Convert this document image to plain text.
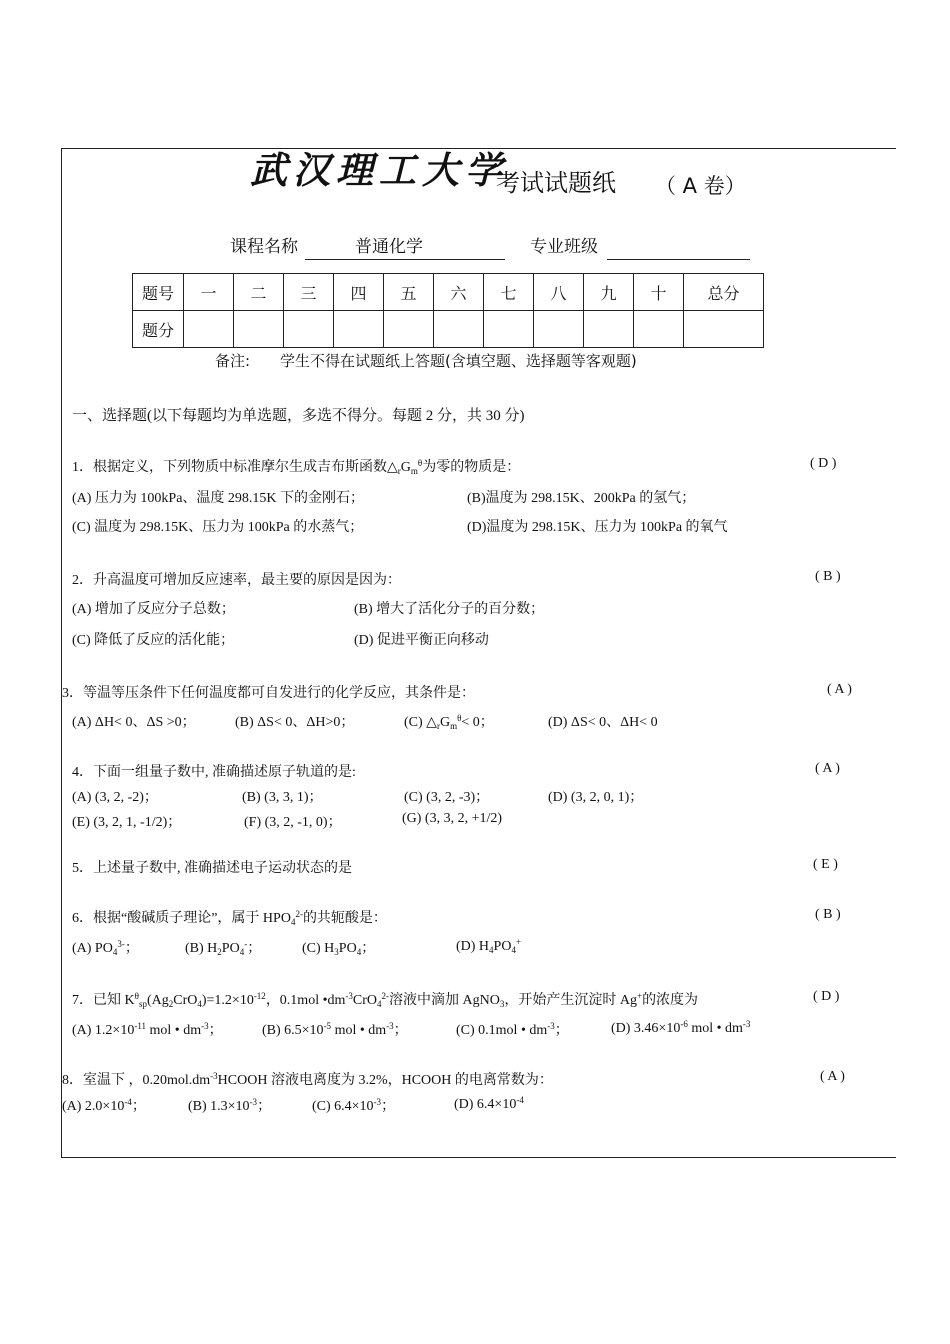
武汉理工大学
考试试题纸 （ A 卷）
课程名称	普通化学	专业班级
题号	一	二	三	四	五	六	七	八	九	十	总分
题分											
备注: 学生不得在试题纸上答题(含填空题、选择题等客观题)
一、选择题(以下每题均为单选题，多选不得分。每题 2 分，共 30 分)
1．根据定义，下列物质中标准摩尔生成吉布斯函数$\triangle_rG_m^\theta$为零的物质是：	( D )
(A) 压力为 100kPa、温度 298.15K 下的金刚石；	(B)温度为 298.15K、200kPa 的氢气；
(C) 温度为 298.15K、压力为 100kPa 的水蒸气；	(D)温度为 298.15K、压力为 100kPa 的氧气
2．升高温度可增加反应速率，最主要的原因是因为：	( B )
(A) 增加了反应分子总数；	(B) 增大了活化分子的百分数；
(C) 降低了反应的活化能；	(D) 促进平衡正向移动
3．等温等压条件下任何温度都可自发进行的化学反应，其条件是：	( A )
(A) ΔH< 0、ΔS >0；	(B) ΔS< 0、ΔH>0；	(C) $\triangle_rG_m^\theta< 0$；	(D) ΔS< 0、ΔH< 0
4．下面一组量子数中, 准确描述原子轨道的是:	( A )
(A) (3, 2, -2)；	(B) (3, 3, 1)；	(C) (3, 2, -3)；	(D) (3, 2, 0, 1)；
(E) (3, 2, 1, -1/2)；	(F) (3, 2, -1, 0)；	(G) (3, 3, 2, +1/2)
5．上述量子数中, 准确描述电子运动状态的是	( E )
6．根据“酸碱质子理论”，属于 $HPO_4^{2-}$的共轭酸是：	( B )
(A) $PO_4^{3-}$；	(B) $H_2PO_4^-$；	(C) $H_3PO_4$；	(D) $H_4PO_4^+$
7．已知 $K^\theta_{sp}(Ag_2CrO_4)=1.2\times 10^{-12}$，0.1mol $•dm^{-3}CrO_4^{2-}$溶液中滴加 AgNO$_3$，开始产生沉淀时 Ag+的浓度为	( D )
(A) $1.2\times 10^{-11}$ mol • $dm^{-3}$；	(B) $6.5\times 10^{-5}$ mol • $dm^{-3}$；	(C) 0.1mol • $dm^{-3}$；	(D) $3.46\times 10^{-6}$ mol • $dm^{-3}$
8．室温下 ，$0.20mol.dm^{-3}HCOOH$ 溶液电离度为 3.2%，HCOOH 的电离常数为：	( A )
(A) $2.0\times 10^{-4}$；	(B) $1.3\times 10^{-3}$；	(C) $6.4\times 10^{-3}$；	(D) $6.4\times 10^{-4}$
